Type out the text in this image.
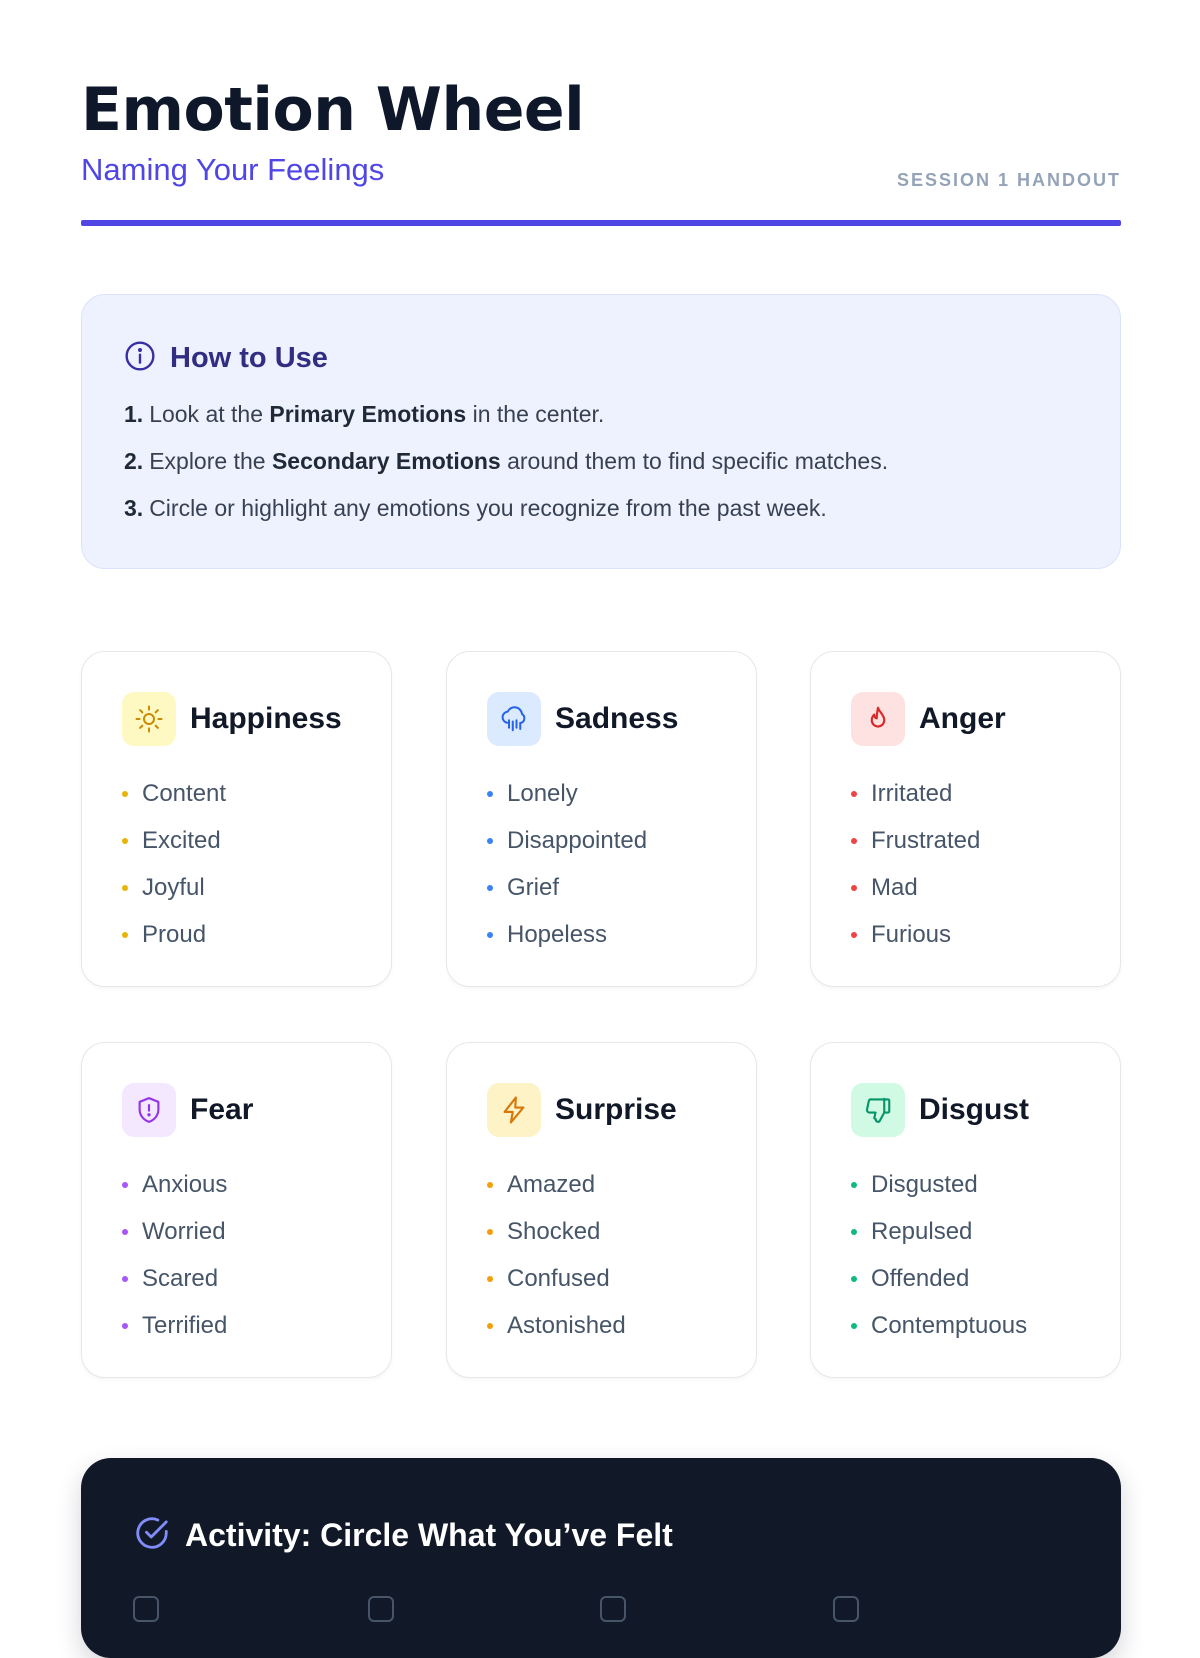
Emotion Wheel
Naming Your Feelings	SESSION 1 HANDOUT
How to Use
1. Look at the Primary Emotions in the center.
2. Explore the Secondary Emotions around them to find specific matches.
3. Circle or highlight any emotions you recognize from the past week.
Happiness
Content
Excited
Joyful
Proud
Sadness
Lonely
Disappointed
Grief
Hopeless
Anger
Irritated
Frustrated
Mad
Furious
Fear
Anxious
Worried
Scared
Terrified
Surprise
Amazed
Shocked
Confused
Astonished
Disgust
Disgusted
Repulsed
Offended
Contemptuous
Activity: Circle What You’ve Felt
